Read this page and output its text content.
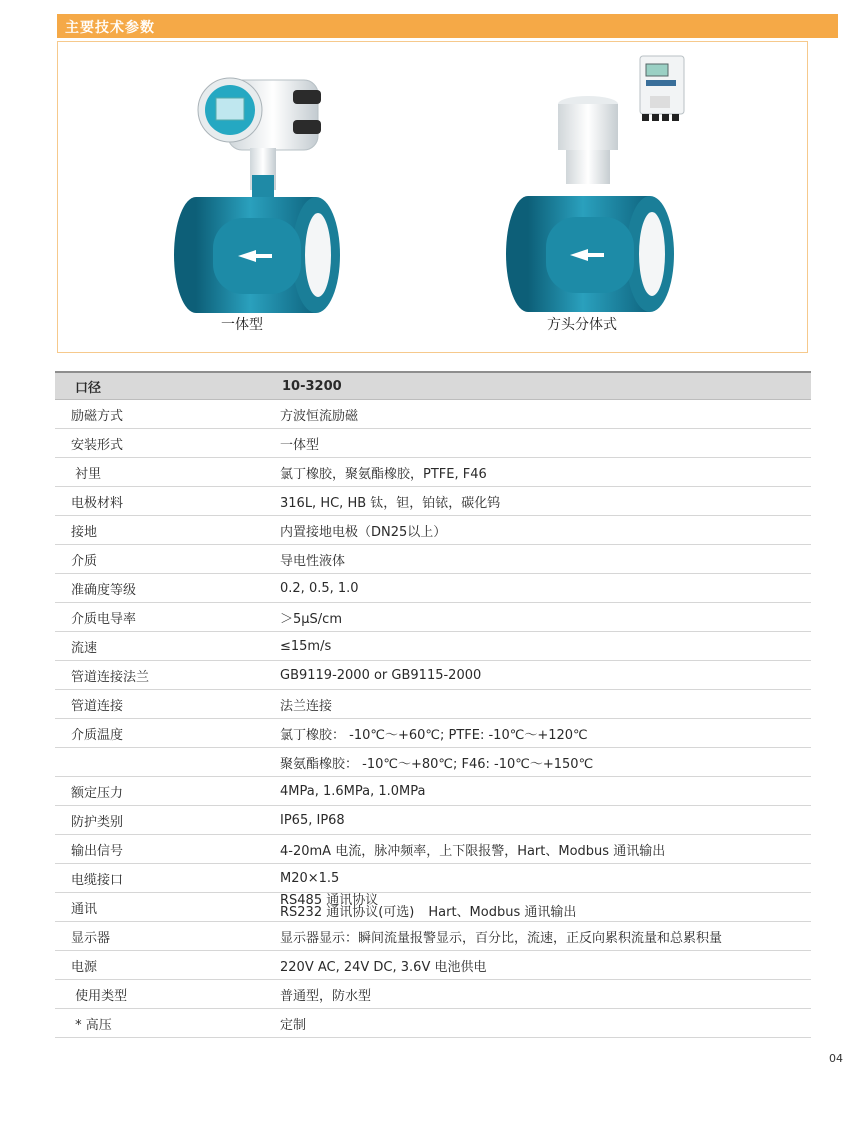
主要技术参数
一体型	方头分体式
口径	10-3200
励磁方式	方波恒流励磁
安装形式	一体型
衬里	氯丁橡胶，聚氨酯橡胶，PTFE, F46
电极材料	316L, HC, HB 钛，钽，铂铱，碳化钨
接地	内置接地电极（DN25以上）
介质	导电性液体
准确度等级	0.2, 0.5, 1.0
介质电导率	＞5μS/cm
流速	≤15m/s
管道连接法兰	GB9119-2000 or GB9115-2000
管道连接	法兰连接
介质温度	氯丁橡胶： -10℃～+60℃; PTFE: -10℃～+120℃
	聚氨酯橡胶： -10℃～+80℃; F46: -10℃～+150℃
额定压力	4MPa, 1.6MPa, 1.0MPa
防护类别	IP65, IP68
输出信号	4-20mA 电流，脉冲频率，上下限报警，Hart、Modbus 通讯输出
电缆接口	M20×1.5
通讯	RS485 通讯协议
RS232 通讯协议(可选) Hart、Modbus 通讯输出

显示器	显示器显示：瞬间流量报警显示，百分比，流速，正反向累积流量和总累积量
电源	220V AC, 24V DC, 3.6V 电池供电
使用类型	普通型，防水型
* 高压	定制
04
